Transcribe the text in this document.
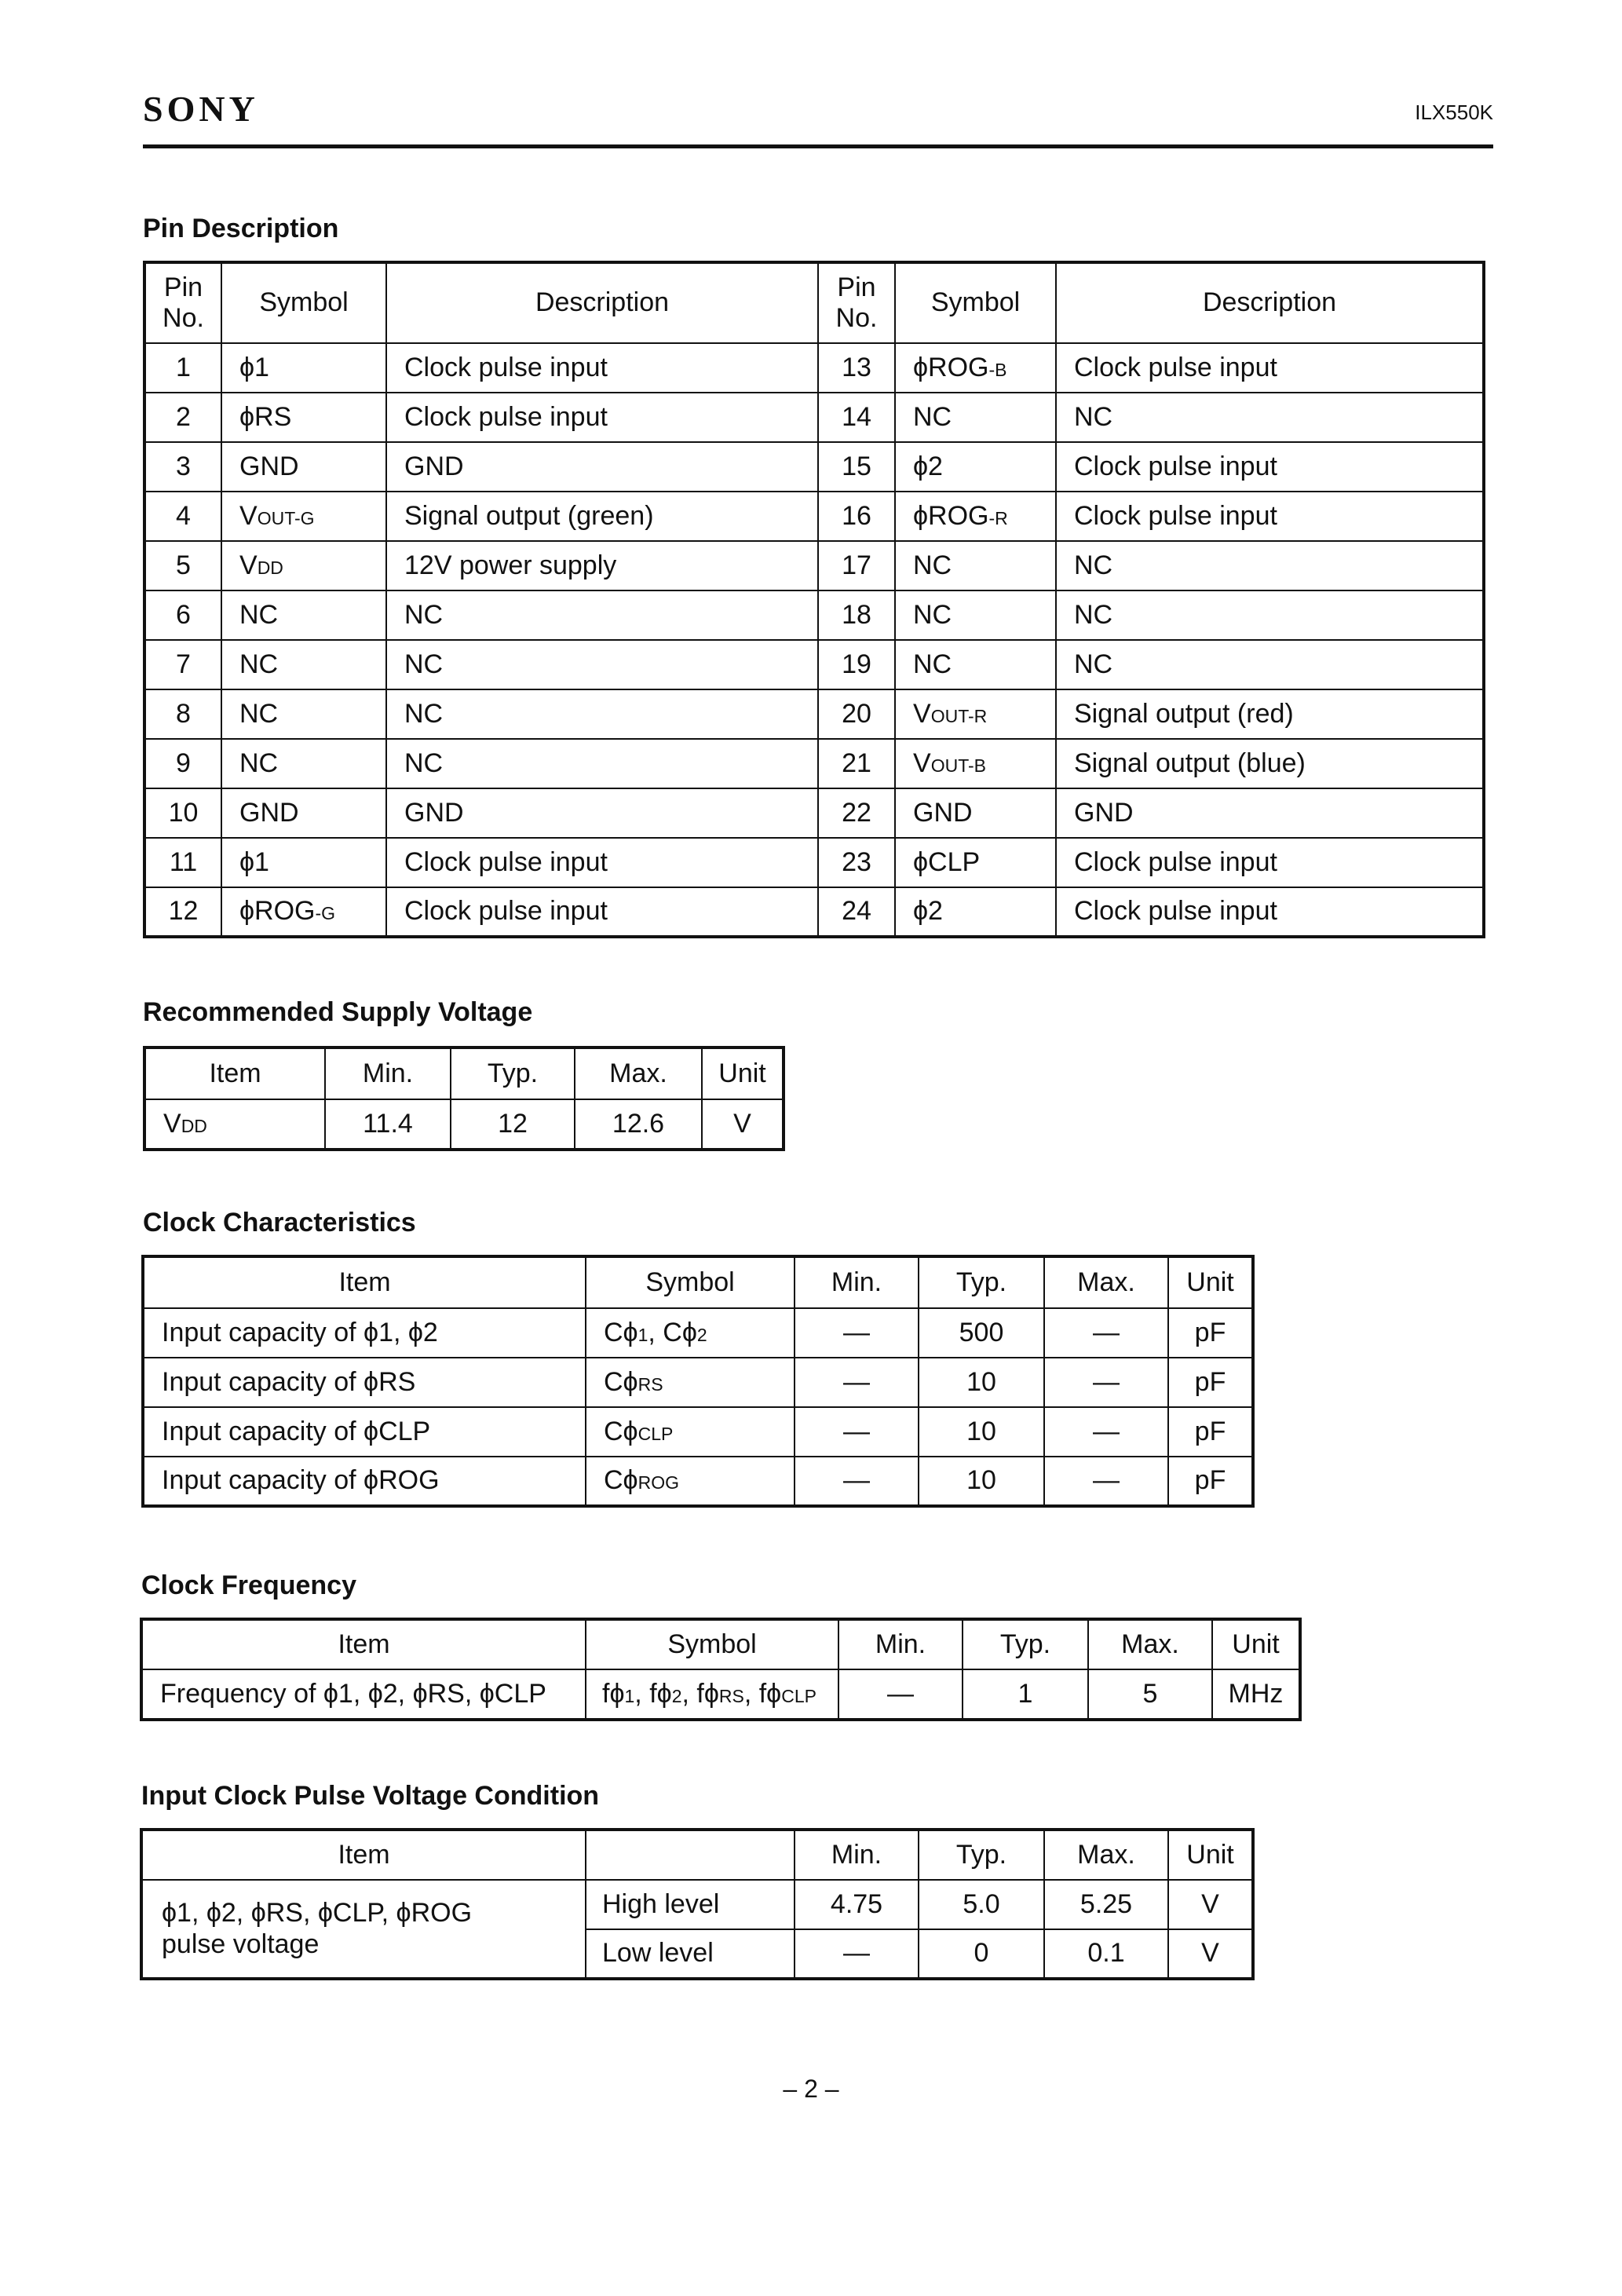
SONY	ILX550K
Pin Description
Pin
No.	Symbol	Description	Pin
No.	Symbol	Description
1	ϕ1	Clock pulse input	13	ϕROG-B	Clock pulse input
2	ϕRS	Clock pulse input	14	NC	NC
3	GND	GND	15	ϕ2	Clock pulse input
4	VOUT-G	Signal output (green)	16	ϕROG-R	Clock pulse input
5	VDD	12V power supply	17	NC	NC
6	NC	NC	18	NC	NC
7	NC	NC	19	NC	NC
8	NC	NC	20	VOUT-R	Signal output (red)
9	NC	NC	21	VOUT-B	Signal output (blue)
10	GND	GND	22	GND	GND
11	ϕ1	Clock pulse input	23	ϕCLP	Clock pulse input
12	ϕROG-G	Clock pulse input	24	ϕ2	Clock pulse input
Recommended Supply Voltage
Item	Min.	Typ.	Max.	Unit
VDD	11.4	12	12.6	V
Clock Characteristics
Item	Symbol	Min.	Typ.	Max.	Unit
Input capacity of ϕ1, ϕ2	Cϕ1, Cϕ2	—	500	—	pF
Input capacity of ϕRS	CϕRS	—	10	—	pF
Input capacity of ϕCLP	CϕCLP	—	10	—	pF
Input capacity of ϕROG	CϕROG	—	10	—	pF
Clock Frequency
Item	Symbol	Min.	Typ.	Max.	Unit
Frequency of ϕ1, ϕ2, ϕRS, ϕCLP	fϕ1, fϕ2, fϕRS, fϕCLP	—	1	5	MHz
Input Clock Pulse Voltage Condition
Item		Min.	Typ.	Max.	Unit

ϕ1, ϕ2, ϕRS, ϕCLP, ϕROG
pulse voltage	High level	4.75	5.0	5.25	V
	Low level	—	0	0.1	V
– 2 –
